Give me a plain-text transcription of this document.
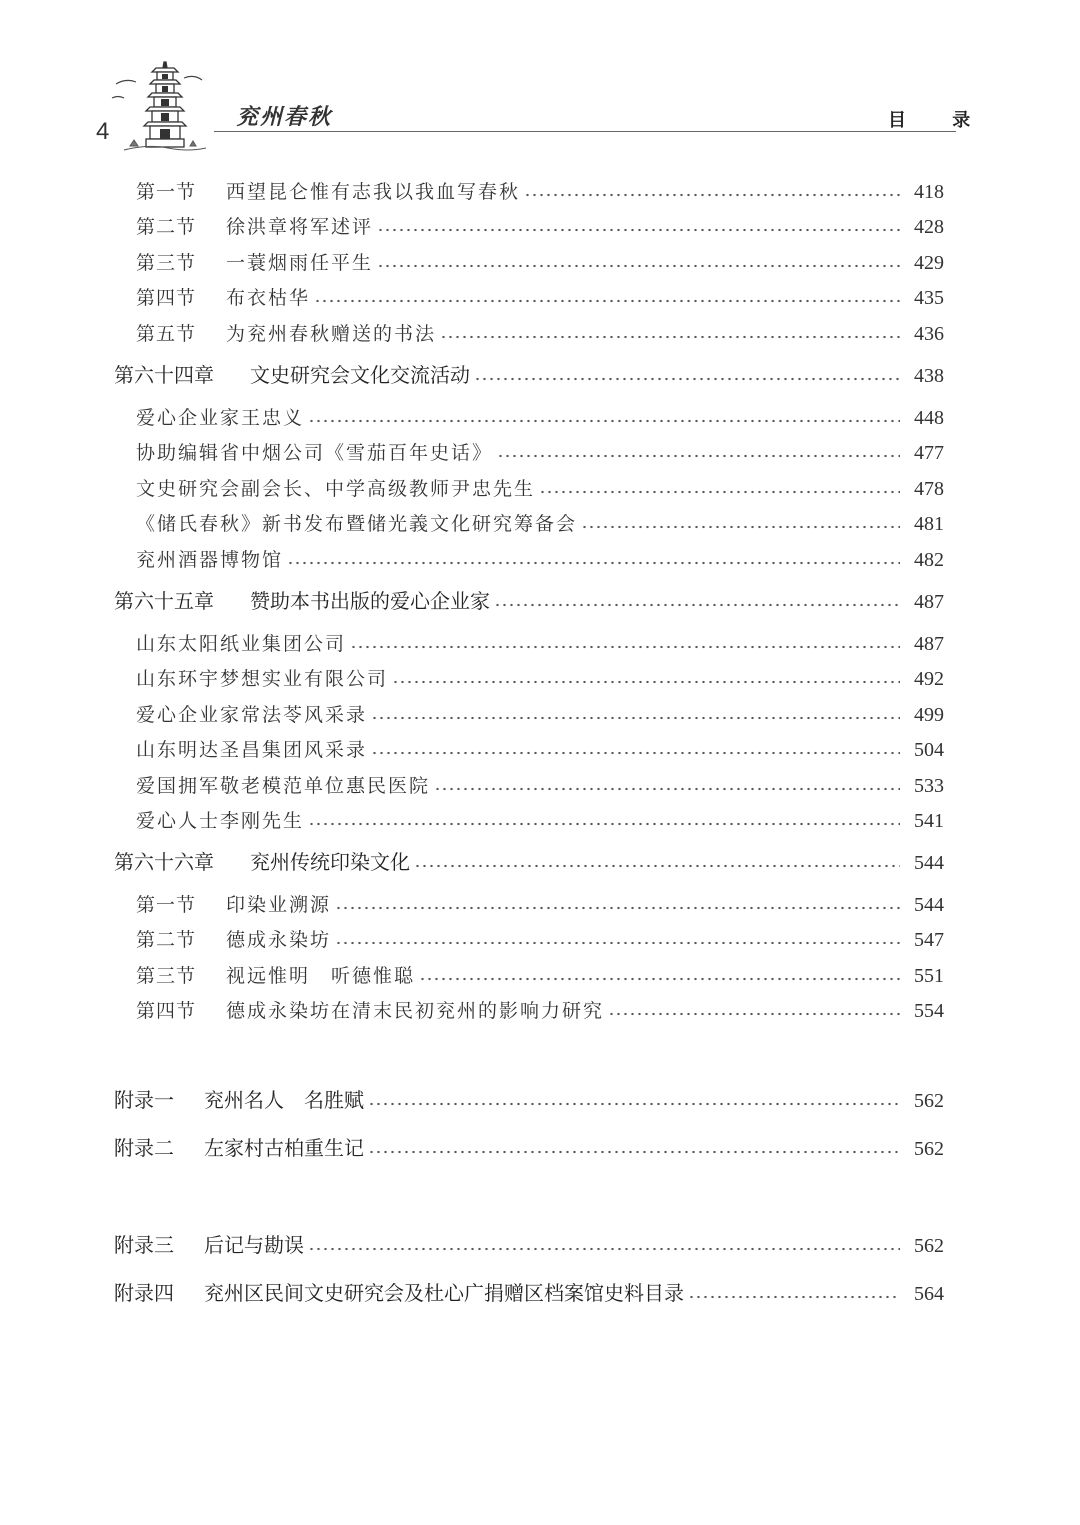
4
兖州春秋	目 录
第一节	西望昆仑惟有志我以我血写春秋	418
第二节	徐洪章将军述评	428
第三节	一蓑烟雨任平生	429
第四节	布衣枯华	435
第五节	为兖州春秋赠送的书法	436
第六十四章	文史研究会文化交流活动	438
爱心企业家王忠义	448
协助编辑省中烟公司《雪茄百年史话》	477
文史研究会副会长、中学高级教师尹忠先生	478
《储氏春秋》新书发布暨储光義文化研究筹备会	481
兖州酒器博物馆	482
第六十五章	赞助本书出版的爱心企业家	487
山东太阳纸业集团公司	487
山东环宇梦想实业有限公司	492
爱心企业家常法苓风采录	499
山东明达圣昌集团风采录	504
爱国拥军敬老模范单位惠民医院	533
爱心人士李刚先生	541
第六十六章	兖州传统印染文化	544
第一节	印染业溯源	544
第二节	德成永染坊	547
第三节	视远惟明　听德惟聪	551
第四节	德成永染坊在清末民初兖州的影响力研究	554
附录一	兖州名人　名胜赋	562
附录二	左家村古柏重生记	562
附录三	后记与勘误	562
附录四	兖州区民间文史研究会及杜心广捐赠区档案馆史料目录	564
